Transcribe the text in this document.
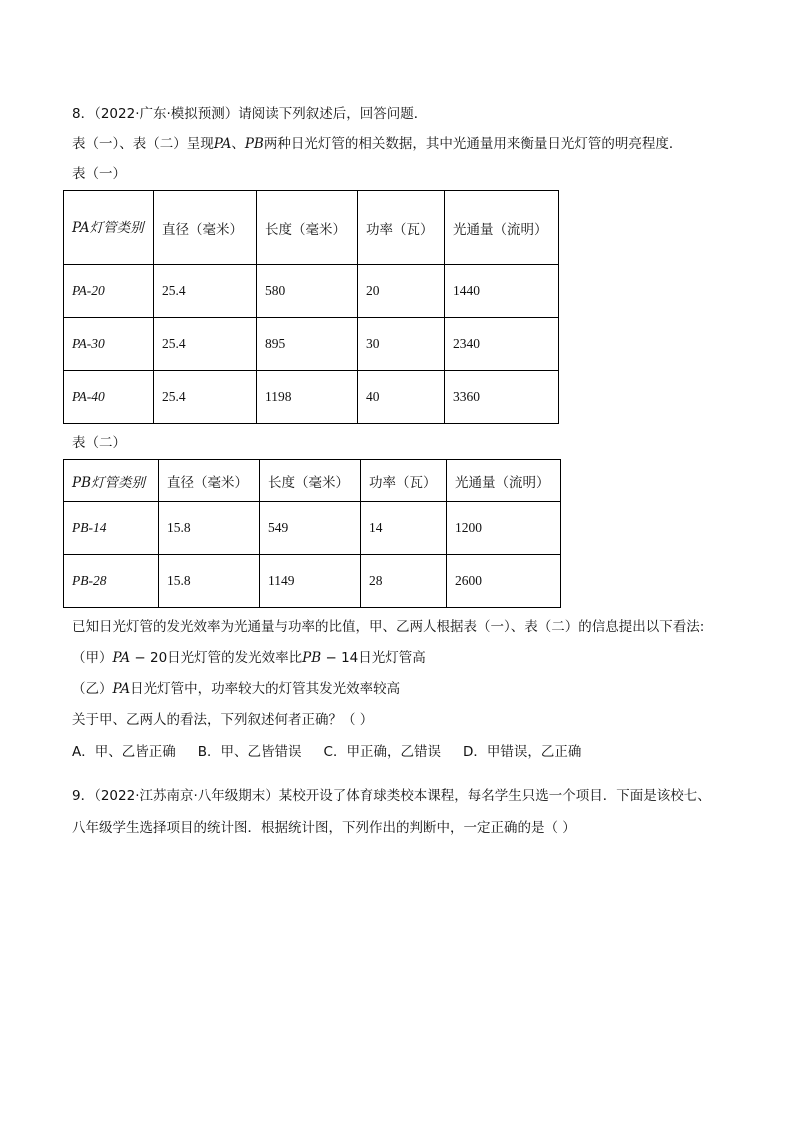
8．（2022·广东·模拟预测）请阅读下列叙述后，回答问题．
表（一）、表（二）呈现PA、PB两种日光灯管的相关数据，其中光通量用来衡量日光灯管的明亮程度．
表（一）
PA灯管类别	直径（毫米）	长度（毫米）	功率（瓦）	光通量（流明）
PA-20	25.4	580	20	1440
PA-30	25.4	895	30	2340
PA-40	25.4	1198	40	3360
表（二）
PB灯管类别	直径（毫米）	长度（毫米）	功率（瓦）	光通量（流明）
PB-14	15.8	549	14	1200
PB-28	15.8	1149	28	2600
已知日光灯管的发光效率为光通量与功率的比值，甲、乙两人根据表（一）、表（二）的信息提出以下看法:
（甲）PA − 20日光灯管的发光效率比PB − 14日光灯管高
（乙）PA日光灯管中，功率较大的灯管其发光效率较高
关于甲、乙两人的看法，下列叙述何者正确？（ ）
A．甲、乙皆正确 B．甲、乙皆错误 C．甲正确，乙错误 D．甲错误，乙正确
9．（2022·江苏南京·八年级期末）某校开设了体育球类校本课程，每名学生只选一个项目．下面是该校七、
八年级学生选择项目的统计图．根据统计图，下列作出的判断中，一定正确的是（ ）
